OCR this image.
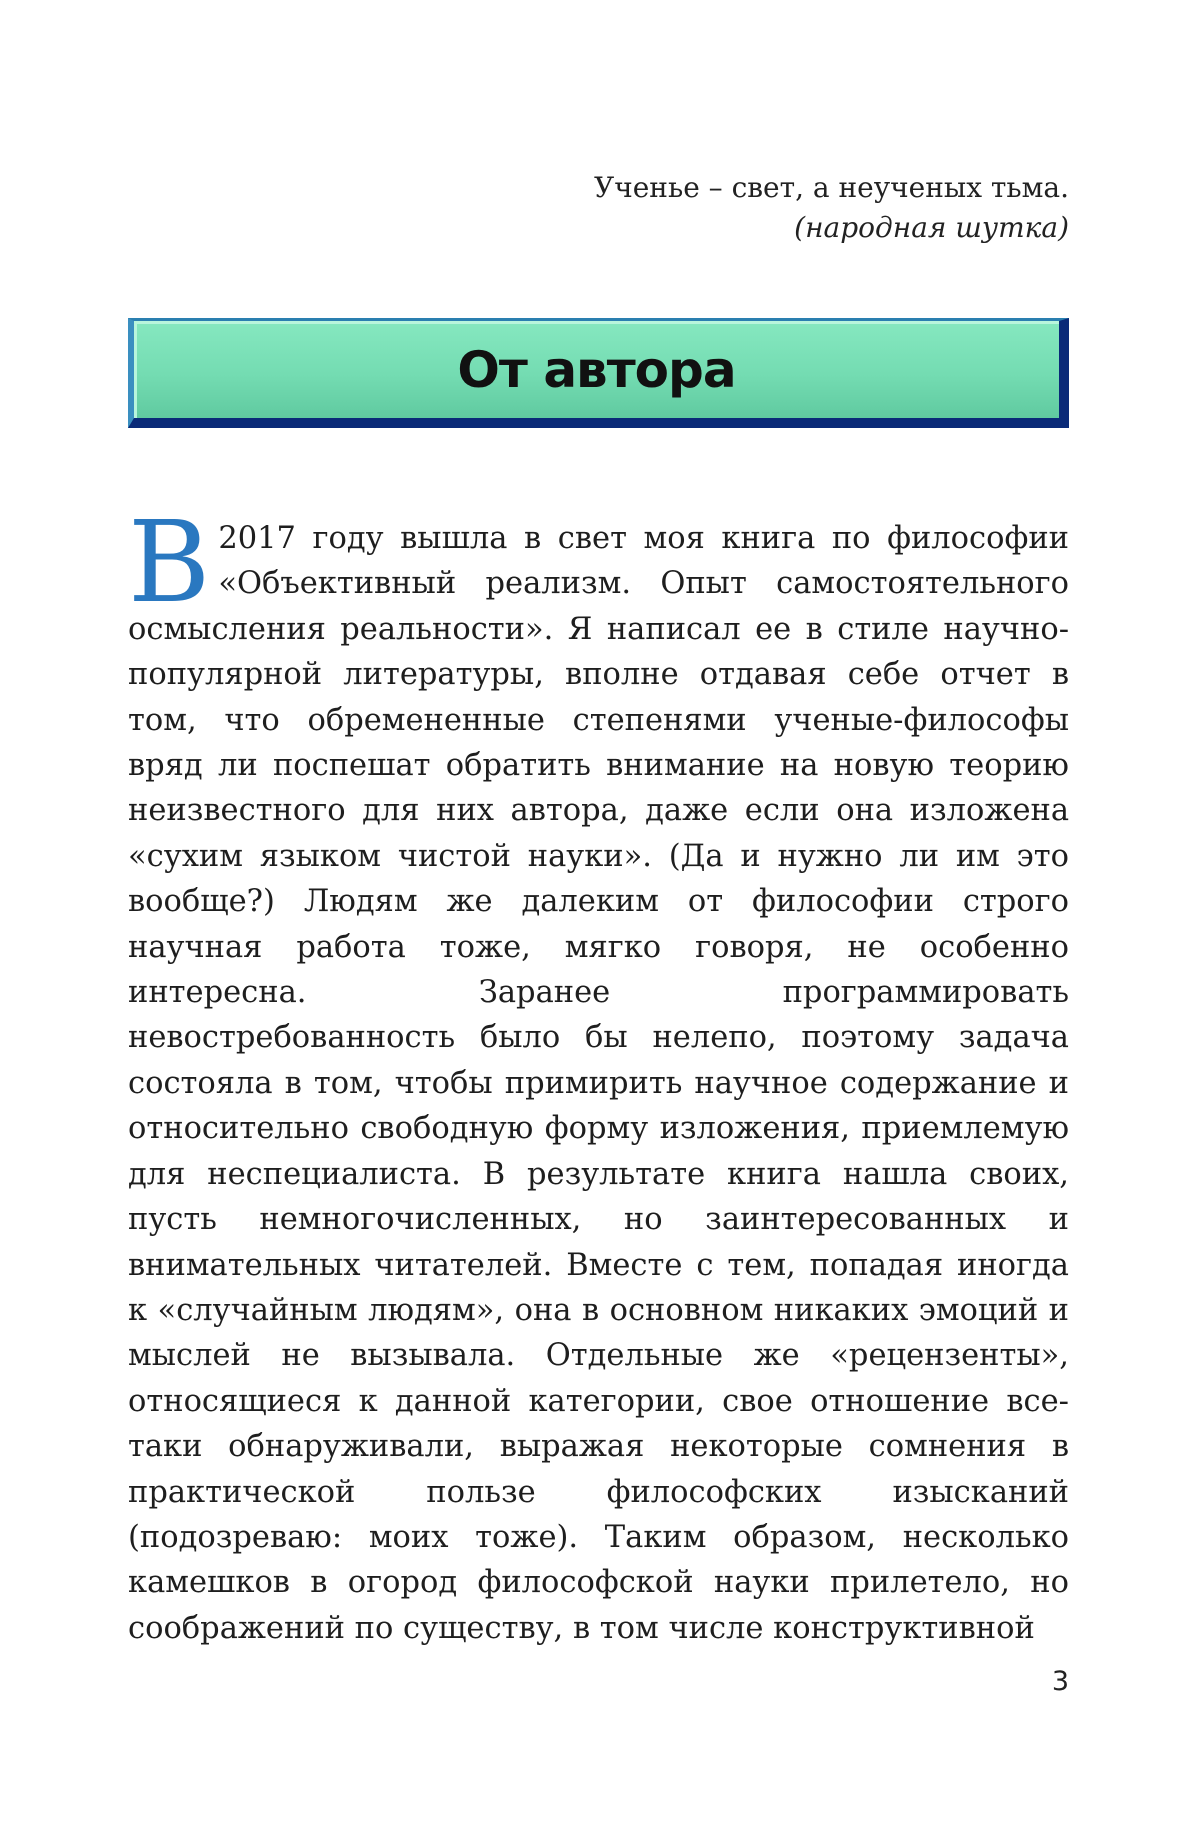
Ученье – свет, а неученых тьма.
(народная шутка)
От автора

В 2017 году вышла в свет моя книга по философии «Объективный реализм. Опыт самостоятельного осмысления реальности». Я написал ее в стиле научно-популярной литературы, вполне отдавая себе отчет в том, что обремененные степенями ученые-философы вряд ли поспешат обратить внимание на новую теорию неизвестного для них автора, даже если она изложена «сухим языком чистой науки». (Да и нужно ли им это вообще?) Людям же далеким от философии строго научная работа тоже, мягко говоря, не особенно интересна. Заранее программировать невостребованность было бы нелепо, поэтому задача состояла в том, чтобы примирить научное содержание и относительно свободную форму изложения, приемлемую для неспециалиста. В результате книга нашла своих, пусть немногочисленных, но заинтересованных и внимательных читателей. Вместе с тем, попадая иногда к «случайным людям», она в основном никаких эмоций и мыслей не вызывала. Отдельные же «рецензенты», относящиеся к данной категории, свое отношение все-таки обнаруживали, выражая некоторые сомнения в практической пользе философских изысканий (подозреваю: моих тоже). Таким образом, несколько камешков в огород философской науки прилетело, но соображений по существу, в том числе конструктивной

3
